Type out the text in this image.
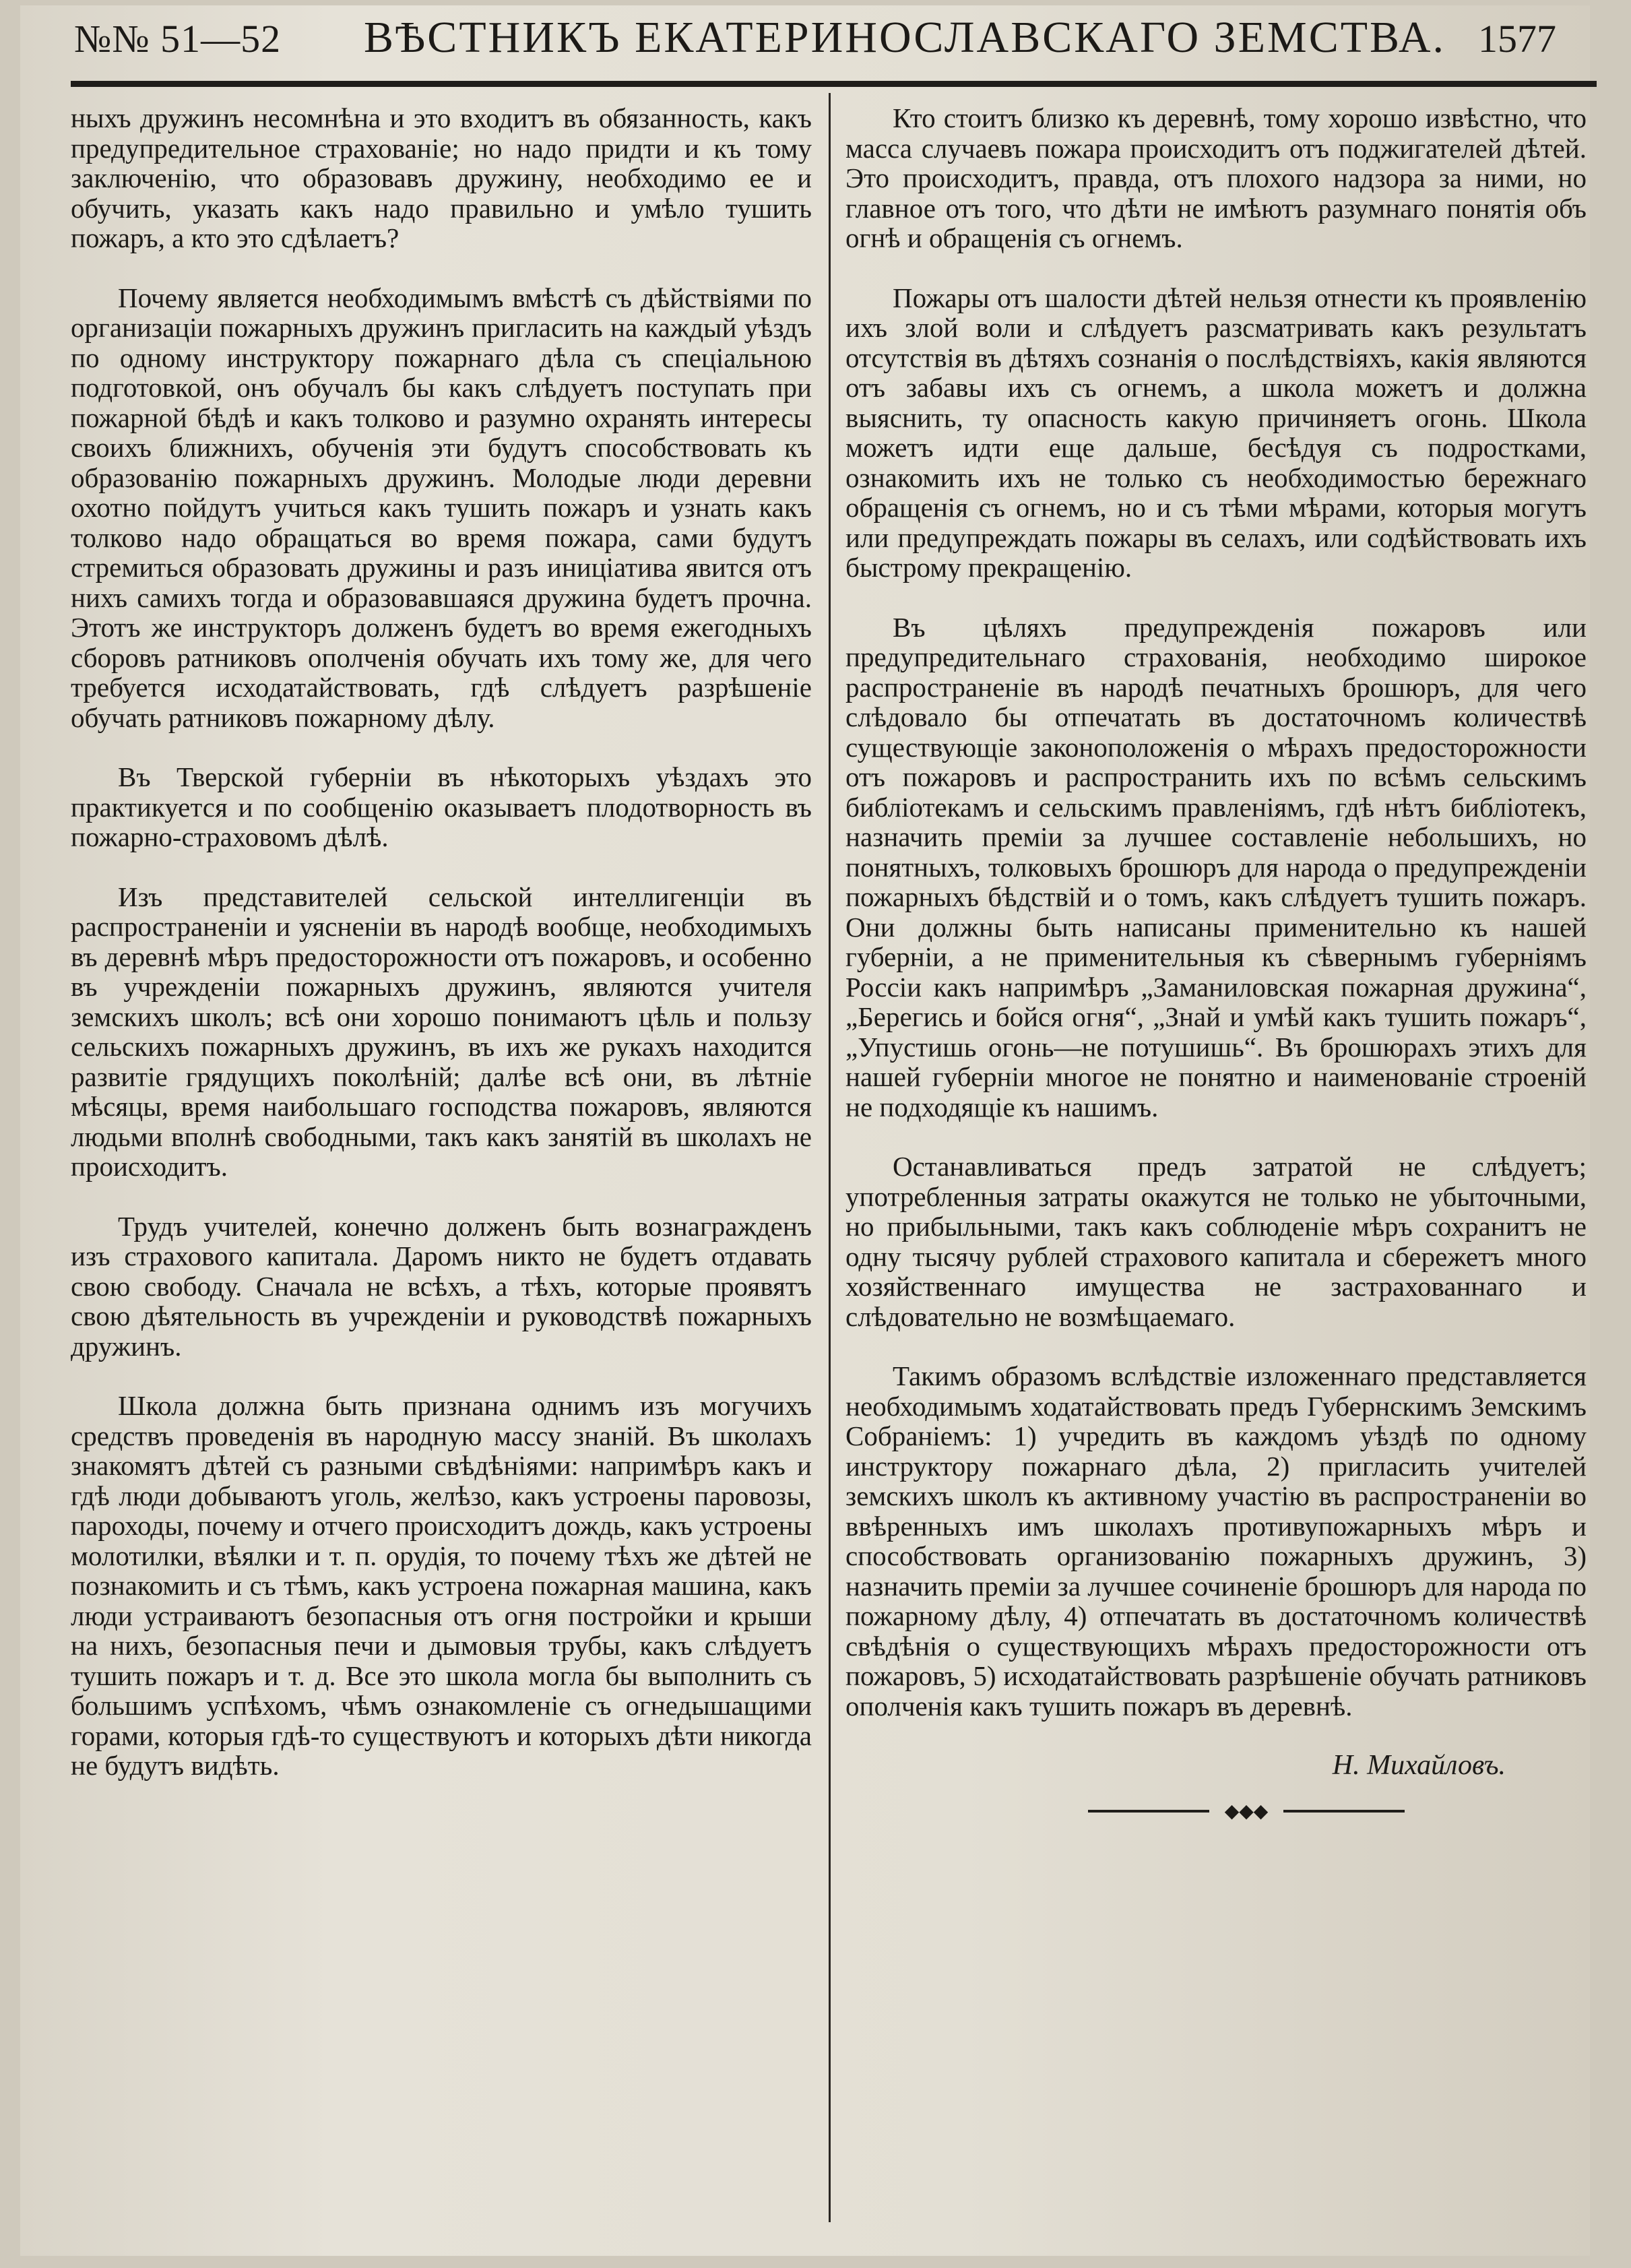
№№ 51—52 ВѢСТНИКЪ ЕКАТЕРИНОСЛАВСКАГО ЗЕМСТВА. 1577

ныхъ дружинъ несомнѣна и это входитъ въ обязанность, какъ предупредительное страхованіе; но надо придти и къ тому заключенію, что образовавъ дружину, необходимо ее и обучить, указать какъ надо правильно и умѣло тушить пожаръ, а кто это сдѣлаетъ?

Почему является необходимымъ вмѣстѣ съ дѣйствіями по организаціи пожарныхъ дружинъ пригласить на каждый уѣздъ по одному инструктору пожарнаго дѣла съ спеціальною подготовкой, онъ обучалъ бы какъ слѣдуетъ поступать при пожарной бѣдѣ и какъ толково и разумно охранять интересы своихъ ближнихъ, обученія эти будутъ способствовать къ образованію пожарныхъ дружинъ. Молодые люди деревни охотно пойдутъ учиться какъ тушить пожаръ и узнать какъ толково надо обращаться во время пожара, сами будутъ стремиться образовать дружины и разъ иниціатива явится отъ нихъ самихъ тогда и образовавшаяся дружина будетъ прочна. Этотъ же инструкторъ долженъ будетъ во время ежегодныхъ сборовъ ратниковъ ополченія обучать ихъ тому же, для чего требуется исходатайствовать, гдѣ слѣдуетъ разрѣшеніе обучать ратниковъ пожарному дѣлу.

Въ Тверской губерніи въ нѣкоторыхъ уѣздахъ это практикуется и по сообщенію оказываетъ плодотворность въ пожарно-страховомъ дѣлѣ.

Изъ представителей сельской интеллигенціи въ распространеніи и уясненіи въ народѣ вообще, необходимыхъ въ деревнѣ мѣръ предосторожности отъ пожаровъ, и особенно въ учрежденіи пожарныхъ дружинъ, являются учителя земскихъ школъ; всѣ они хорошо понимаютъ цѣль и пользу сельскихъ пожарныхъ дружинъ, въ ихъ же рукахъ находится развитіе грядущихъ поколѣній; далѣе всѣ они, въ лѣтніе мѣсяцы, время наибольшаго господства пожаровъ, являются людьми вполнѣ свободными, такъ какъ занятій въ школахъ не происходитъ.

Трудъ учителей, конечно долженъ быть вознагражденъ изъ страхового капитала. Даромъ никто не будетъ отдавать свою свободу. Сначала не всѣхъ, а тѣхъ, которые проявятъ свою дѣятельность въ учрежденіи и руководствѣ пожарныхъ дружинъ.

Школа должна быть признана однимъ изъ могучихъ средствъ проведенія въ народную массу знаній. Въ школахъ знакомятъ дѣтей съ разными свѣдѣніями: напримѣръ какъ и гдѣ люди добываютъ уголь, желѣзо, какъ устроены паровозы, пароходы, почему и отчего происходитъ дождь, какъ устроены молотилки, вѣялки и т. п. орудія, то почему тѣхъ же дѣтей не познакомить и съ тѣмъ, какъ устроена пожарная машина, какъ люди устраиваютъ безопасныя отъ огня постройки и крыши на нихъ, безопасныя печи и дымовыя трубы, какъ слѣдуетъ тушить пожаръ и т. д. Все это школа могла бы выполнить съ большимъ успѣхомъ, чѣмъ ознакомленіе съ огнедышащими горами, которыя гдѣ-то существуютъ и которыхъ дѣти никогда не будутъ видѣть.

Кто стоитъ близко къ деревнѣ, тому хорошо извѣстно, что масса случаевъ пожара происходитъ отъ поджигателей дѣтей. Это происходитъ, правда, отъ плохого надзора за ними, но главное отъ того, что дѣти не имѣютъ разумнаго понятія объ огнѣ и обращенія съ огнемъ.

Пожары отъ шалости дѣтей нельзя отнести къ проявленію ихъ злой воли и слѣдуетъ разсматривать какъ результатъ отсутствія въ дѣтяхъ сознанія о послѣдствіяхъ, какія являются отъ забавы ихъ съ огнемъ, а школа можетъ и должна выяснить, ту опасность какую причиняетъ огонь. Школа можетъ идти еще дальше, бесѣдуя съ подростками, ознакомить ихъ не только съ необходимостью бережнаго обращенія съ огнемъ, но и съ тѣми мѣрами, которыя могутъ или предупреждать пожары въ селахъ, или содѣйствовать ихъ быстрому прекращенію.

Въ цѣляхъ предупрежденія пожаровъ или предупредительнаго страхованія, необходимо широкое распространеніе въ народѣ печатныхъ брошюръ, для чего слѣдовало бы отпечатать въ достаточномъ количествѣ существующіе законоположенія о мѣрахъ предосторожности отъ пожаровъ и распространить ихъ по всѣмъ сельскимъ библіотекамъ и сельскимъ правленіямъ, гдѣ нѣтъ библіотекъ, назначить преміи за лучшее составленіе небольшихъ, но понятныхъ, толковыхъ брошюръ для народа о предупрежденіи пожарныхъ бѣдствій и о томъ, какъ слѣдуетъ тушить пожаръ. Они должны быть написаны применительно къ нашей губерніи, а не применительныя къ сѣвернымъ губерніямъ Россіи какъ напримѣръ „Заманиловская пожарная дружина“, „Берегись и бойся огня“, „Знай и умѣй какъ тушить пожаръ“, „Упустишь огонь—не потушишь“. Въ брошюрахъ этихъ для нашей губерніи многое не понятно и наименованіе строеній не подходящіе къ нашимъ.

Останавливаться предъ затратой не слѣдуетъ; употребленныя затраты окажутся не только не убыточными, но прибыльными, такъ какъ соблюденіе мѣръ сохранитъ не одну тысячу рублей страхового капитала и сбережетъ много хозяйственнаго имущества не застрахованнаго и слѣдовательно не возмѣщаемаго.

Такимъ образомъ вслѣдствіе изложеннаго представляется необходимымъ ходатайствовать предъ Губернскимъ Земскимъ Собраніемъ: 1) учредить въ каждомъ уѣздѣ по одному инструктору пожарнаго дѣла, 2) пригласить учителей земскихъ школъ къ активному участію въ распространеніи во ввѣренныхъ имъ школахъ противупожарныхъ мѣръ и способствовать организованію пожарныхъ дружинъ, 3) назначить преміи за лучшее сочиненіе брошюръ для народа по пожарному дѣлу, 4) отпечатать въ достаточномъ количествѣ свѣдѣнія о существующихъ мѣрахъ предосторожности отъ пожаровъ, 5) исходатайствовать разрѣшеніе обучать ратниковъ ополченія какъ тушить пожаръ въ деревнѣ.

Н. Михайловъ.
◆◆◆
